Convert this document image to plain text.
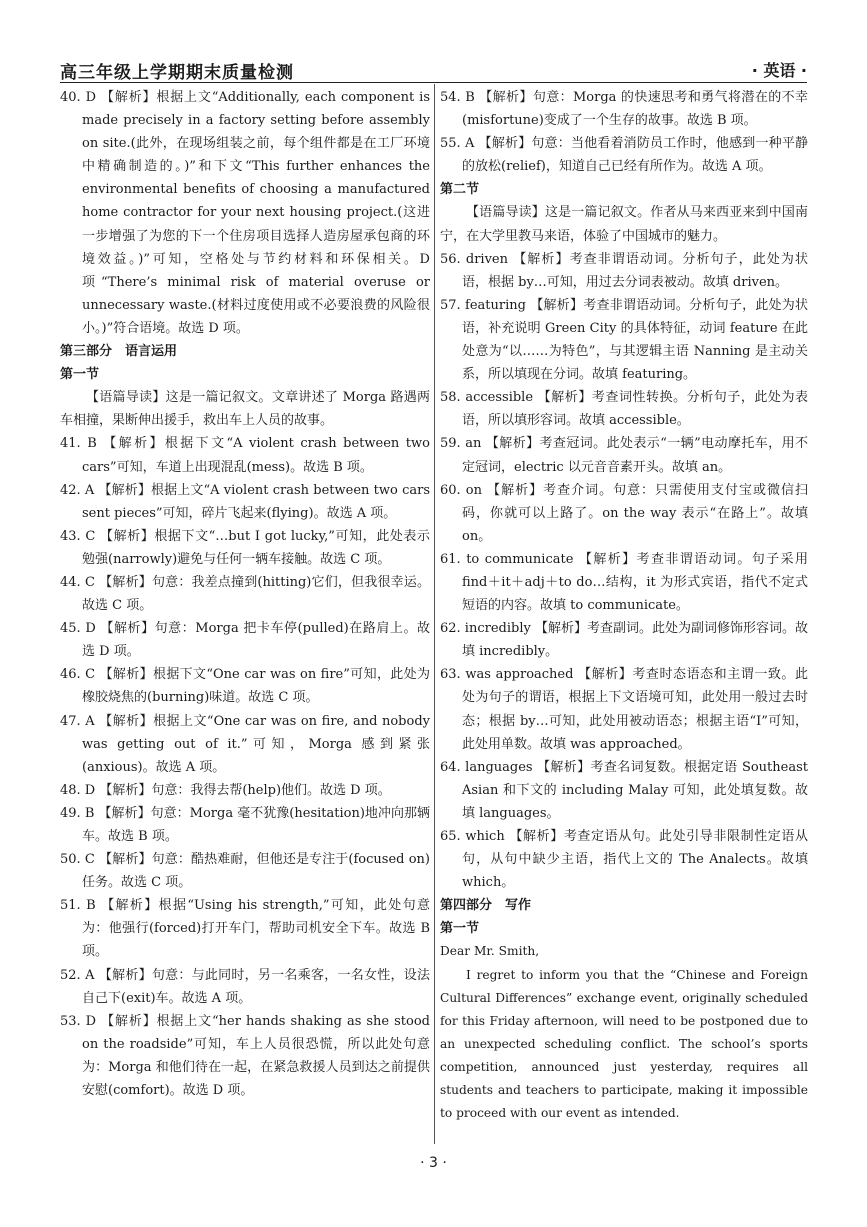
高三年级上学期期末质量检测	· 英语 ·

40. D 【解析】根据上文“Additionally, each component is made precisely in a factory setting before assembly on site.(此外，在现场组装之前，每个组件都是在工厂环境中精确制造的。)”和下文“This further enhances the environmental benefits of choosing a manufactured home contractor for your next housing project.(这进一步增强了为您的下一个住房项目选择人造房屋承包商的环境效益。)”可知，空格处与节约材料和环保相关。D 项“There’s minimal risk of material overuse or unnecessary waste.(材料过度使用或不必要浪费的风险很小。)”符合语境。故选 D 项。

第三部分　语言运用

第一节

【语篇导读】这是一篇记叙文。文章讲述了 Morga 路遇两车相撞，果断伸出援手，救出车上人员的故事。

41. B 【解析】根据下文“A violent crash between two cars”可知，车道上出现混乱(mess)。故选 B 项。

42. A 【解析】根据上文“A violent crash between two cars sent pieces”可知，碎片飞起来(flying)。故选 A 项。

43. C 【解析】根据下文“…but I got lucky,”可知，此处表示勉强(narrowly)避免与任何一辆车接触。故选 C 项。

44. C 【解析】句意：我差点撞到(hitting)它们，但我很幸运。故选 C 项。

45. D 【解析】句意：Morga 把卡车停(pulled)在路肩上。故选 D 项。

46. C 【解析】根据下文“One car was on fire”可知，此处为橡胶烧焦的(burning)味道。故选 C 项。

47. A 【解析】根据上文“One car was on fire, and nobody was getting out of it.”可知，Morga 感到紧张(anxious)。故选 A 项。

48. D 【解析】句意：我得去帮(help)他们。故选 D 项。

49. B 【解析】句意：Morga 毫不犹豫(hesitation)地冲向那辆车。故选 B 项。

50. C 【解析】句意：酷热难耐，但他还是专注于(focused on)任务。故选 C 项。

51. B 【解析】根据“Using his strength,”可知，此处句意为：他强行(forced)打开车门，帮助司机安全下车。故选 B 项。

52. A 【解析】句意：与此同时，另一名乘客，一名女性，设法自己下(exit)车。故选 A 项。

53. D 【解析】根据上文“her hands shaking as she stood on the roadside”可知，车上人员很恐慌，所以此处句意为：Morga 和他们待在一起，在紧急救援人员到达之前提供安慰(comfort)。故选 D 项。

54. B 【解析】句意：Morga 的快速思考和勇气将潜在的不幸(misfortune)变成了一个生存的故事。故选 B 项。

55. A 【解析】句意：当他看着消防员工作时，他感到一种平静的放松(relief)，知道自己已经有所作为。故选 A 项。

第二节

【语篇导读】这是一篇记叙文。作者从马来西亚来到中国南宁，在大学里教马来语，体验了中国城市的魅力。

56. driven 【解析】考查非谓语动词。分析句子，此处为状语，根据 by…可知，用过去分词表被动。故填 driven。

57. featuring 【解析】考查非谓语动词。分析句子，此处为状语，补充说明 Green City 的具体特征，动词 feature 在此处意为“以……为特色”，与其逻辑主语 Nanning 是主动关系，所以填现在分词。故填 featuring。

58. accessible 【解析】考查词性转换。分析句子，此处为表语，所以填形容词。故填 accessible。

59. an 【解析】考查冠词。此处表示“一辆”电动摩托车，用不定冠词，electric 以元音音素开头。故填 an。

60. on 【解析】考查介词。句意：只需使用支付宝或微信扫码，你就可以上路了。on the way 表示“在路上”。故填 on。

61. to communicate 【解析】考查非谓语动词。句子采用 find＋it＋adj＋to do…结构，it 为形式宾语，指代不定式短语的内容。故填 to communicate。

62. incredibly 【解析】考查副词。此处为副词修饰形容词。故填 incredibly。

63. was approached 【解析】考查时态语态和主谓一致。此处为句子的谓语，根据上下文语境可知，此处用一般过去时态；根据 by…可知，此处用被动语态；根据主语“I”可知，此处用单数。故填 was approached。

64. languages 【解析】考查名词复数。根据定语 Southeast Asian 和下文的 including Malay 可知，此处填复数。故填 languages。

65. which 【解析】考查定语从句。此处引导非限制性定语从句，从句中缺少主语，指代上文的 The Analects。故填 which。

第四部分　写作

第一节

Dear Mr. Smith,

I regret to inform you that the “Chinese and Foreign Cultural Differences” exchange event, originally scheduled for this Friday afternoon, will need to be postponed due to an unexpected scheduling conflict. The school’s sports competition, announced just yesterday, requires all students and teachers to participate, making it impossible to proceed with our event as intended.

· 3 ·
